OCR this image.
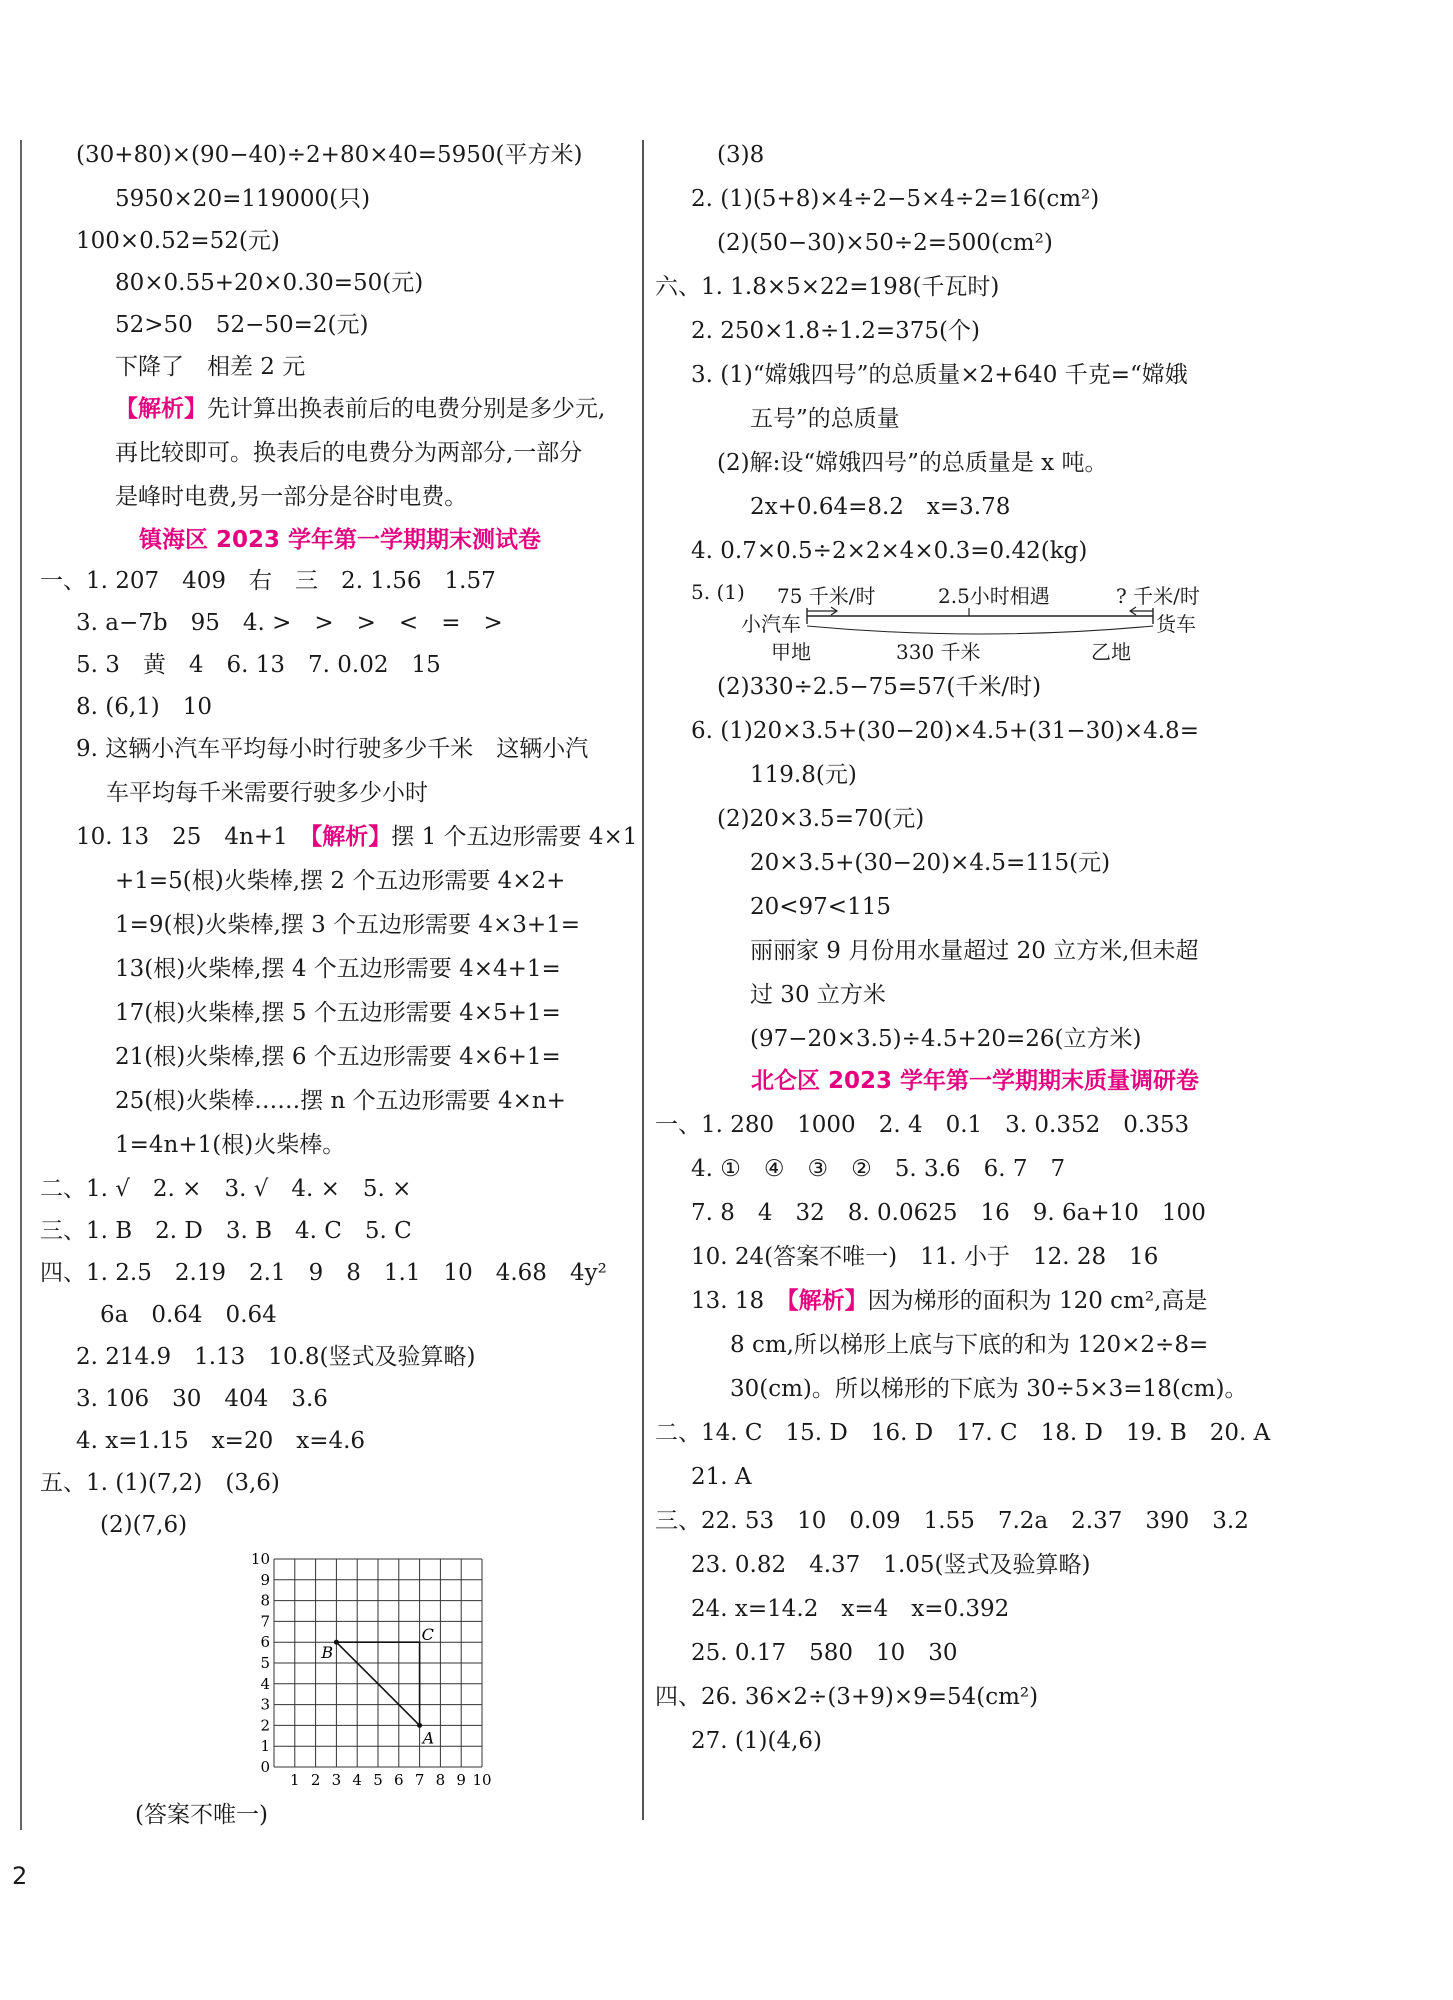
(30+80)×(90−40)÷2+80×40=5950(平方米)
5950×20=119000(只)
100×0.52=52(元)
80×0.55+20×0.30=50(元)
52>50　52−50=2(元)
下降了　相差 2 元
【解析】先计算出换表前后的电费分别是多少元,
再比较即可。换表后的电费分为两部分,一部分
是峰时电费,另一部分是谷时电费。
镇海区 2023 学年第一学期期末测试卷
一、1. 207　409　右　三　2. 1.56　1.57
3. a−7b　95　4. >　>　>　<　=　>
5. 3　黄　4　6. 13　7. 0.02　15
8. (6,1)　10
9. 这辆小汽车平均每小时行驶多少千米　这辆小汽
车平均每千米需要行驶多少小时
10. 13　25　4n+1　【解析】摆 1 个五边形需要 4×1
+1=5(根)火柴棒,摆 2 个五边形需要 4×2+
1=9(根)火柴棒,摆 3 个五边形需要 4×3+1=
13(根)火柴棒,摆 4 个五边形需要 4×4+1=
17(根)火柴棒,摆 5 个五边形需要 4×5+1=
21(根)火柴棒,摆 6 个五边形需要 4×6+1=
25(根)火柴棒……摆 n 个五边形需要 4×n+
1=4n+1(根)火柴棒。
二、1. √　2. ×　3. √　4. ×　5. ×
三、1. B　2. D　3. B　4. C　5. C
四、1. 2.5　2.19　2.1　9　8　1.1　10　4.68　4y²
6a　0.64　0.64
2. 214.9　1.13　10.8(竖式及验算略)
3. 106　30　404　3.6
4. x=1.15　x=20　x=4.6
五、1. (1)(7,2)　(3,6)
(2)(7,6)
0
1
2
3
4
5
6
7
8
9
10
1 2 3 4 5 6 7 8 9 10
A
B
C
(答案不唯一)
(3)8
2. (1)(5+8)×4÷2−5×4÷2=16(cm²)
(2)(50−30)×50÷2=500(cm²)
六、1. 1.8×5×22=198(千瓦时)
2. 250×1.8÷1.2=375(个)
3. (1)“嫦娥四号”的总质量×2+640 千克=“嫦娥
五号”的总质量
(2)解:设“嫦娥四号”的总质量是 x 吨。
2x+0.64=8.2　x=3.78
4. 0.7×0.5÷2×2×4×0.3=0.42(kg)
5. (1) 75 千米/时	2.5小时相遇	? 千米/时
小汽车	货车
甲地	330 千米	乙地
(2)330÷2.5−75=57(千米/时)
6. (1)20×3.5+(30−20)×4.5+(31−30)×4.8=
119.8(元)
(2)20×3.5=70(元)
20×3.5+(30−20)×4.5=115(元)
20<97<115
丽丽家 9 月份用水量超过 20 立方米,但未超
过 30 立方米
(97−20×3.5)÷4.5+20=26(立方米)
北仑区 2023 学年第一学期期末质量调研卷
一、1. 280　1000　2. 4　0.1　3. 0.352　0.353
4. ①　④　③　②　5. 3.6　6. 7　7
7. 8　4　32　8. 0.0625　16　9. 6a+10　100
10. 24(答案不唯一)　11. 小于　12. 28　16
13. 18　【解析】因为梯形的面积为 120 cm²,高是
8 cm,所以梯形上底与下底的和为 120×2÷8=
30(cm)。所以梯形的下底为 30÷5×3=18(cm)。
二、14. C　15. D　16. D　17. C　18. D　19. B　20. A
21. A
三、22. 53　10　0.09　1.55　7.2a　2.37　390　3.2
23. 0.82　4.37　1.05(竖式及验算略)
24. x=14.2　x=4　x=0.392
25. 0.17　580　10　30
四、26. 36×2÷(3+9)×9=54(cm²)
27. (1)(4,6)
2
